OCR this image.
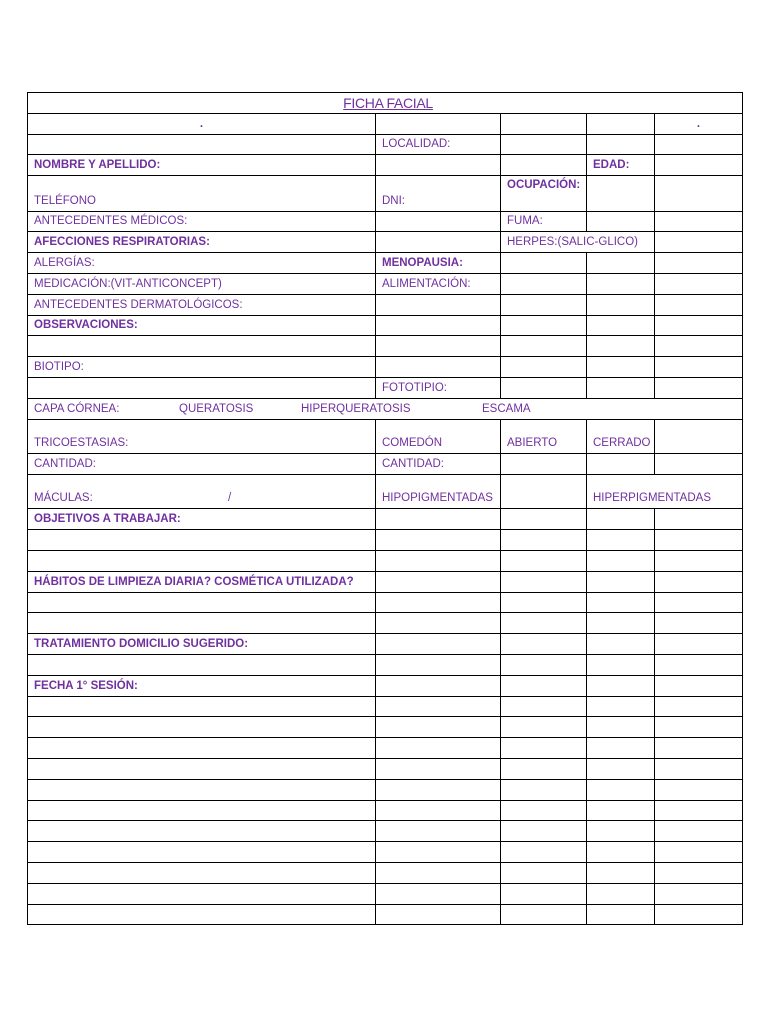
FICHA FACIAL				
.				.
	LOCALIDAD:			
NOMBRE Y APELLIDO:			EDAD:	
TELÉFONO	DNI:	OCUPACIÓN:		
ANTECEDENTES MÉDICOS:		FUMA:		
AFECCIONES RESPIRATORIAS:		HERPES:(SALIC-GLICO)		
ALERGÍAS:	MENOPAUSIA:			
MEDICACIÓN:(VIT-ANTICONCEPT)	ALIMENTACIÓN:			
ANTECEDENTES DERMATOLÓGICOS:				
OBSERVACIONES:				

BIOTIPO:				
	FOTOTIPIO:			
CAPA CÓRNEA: QUERATOSIS HIPERQUERATOSIS ESCAMA				
TRICOESTASIAS:	COMEDÓN	ABIERTO	CERRADO	
CANTIDAD:	CANTIDAD:			
MÁCULAS: /	HIPOPIGMENTADAS		HIPERPIGMENTADAS	
OBJETIVOS A TRABAJAR:				

HÁBITOS DE LIMPIEZA DIARIA? COSMÉTICA UTILIZADA?				

TRATAMIENTO DOMICILIO SUGERIDO:				

FECHA 1° SESIÓN:				
